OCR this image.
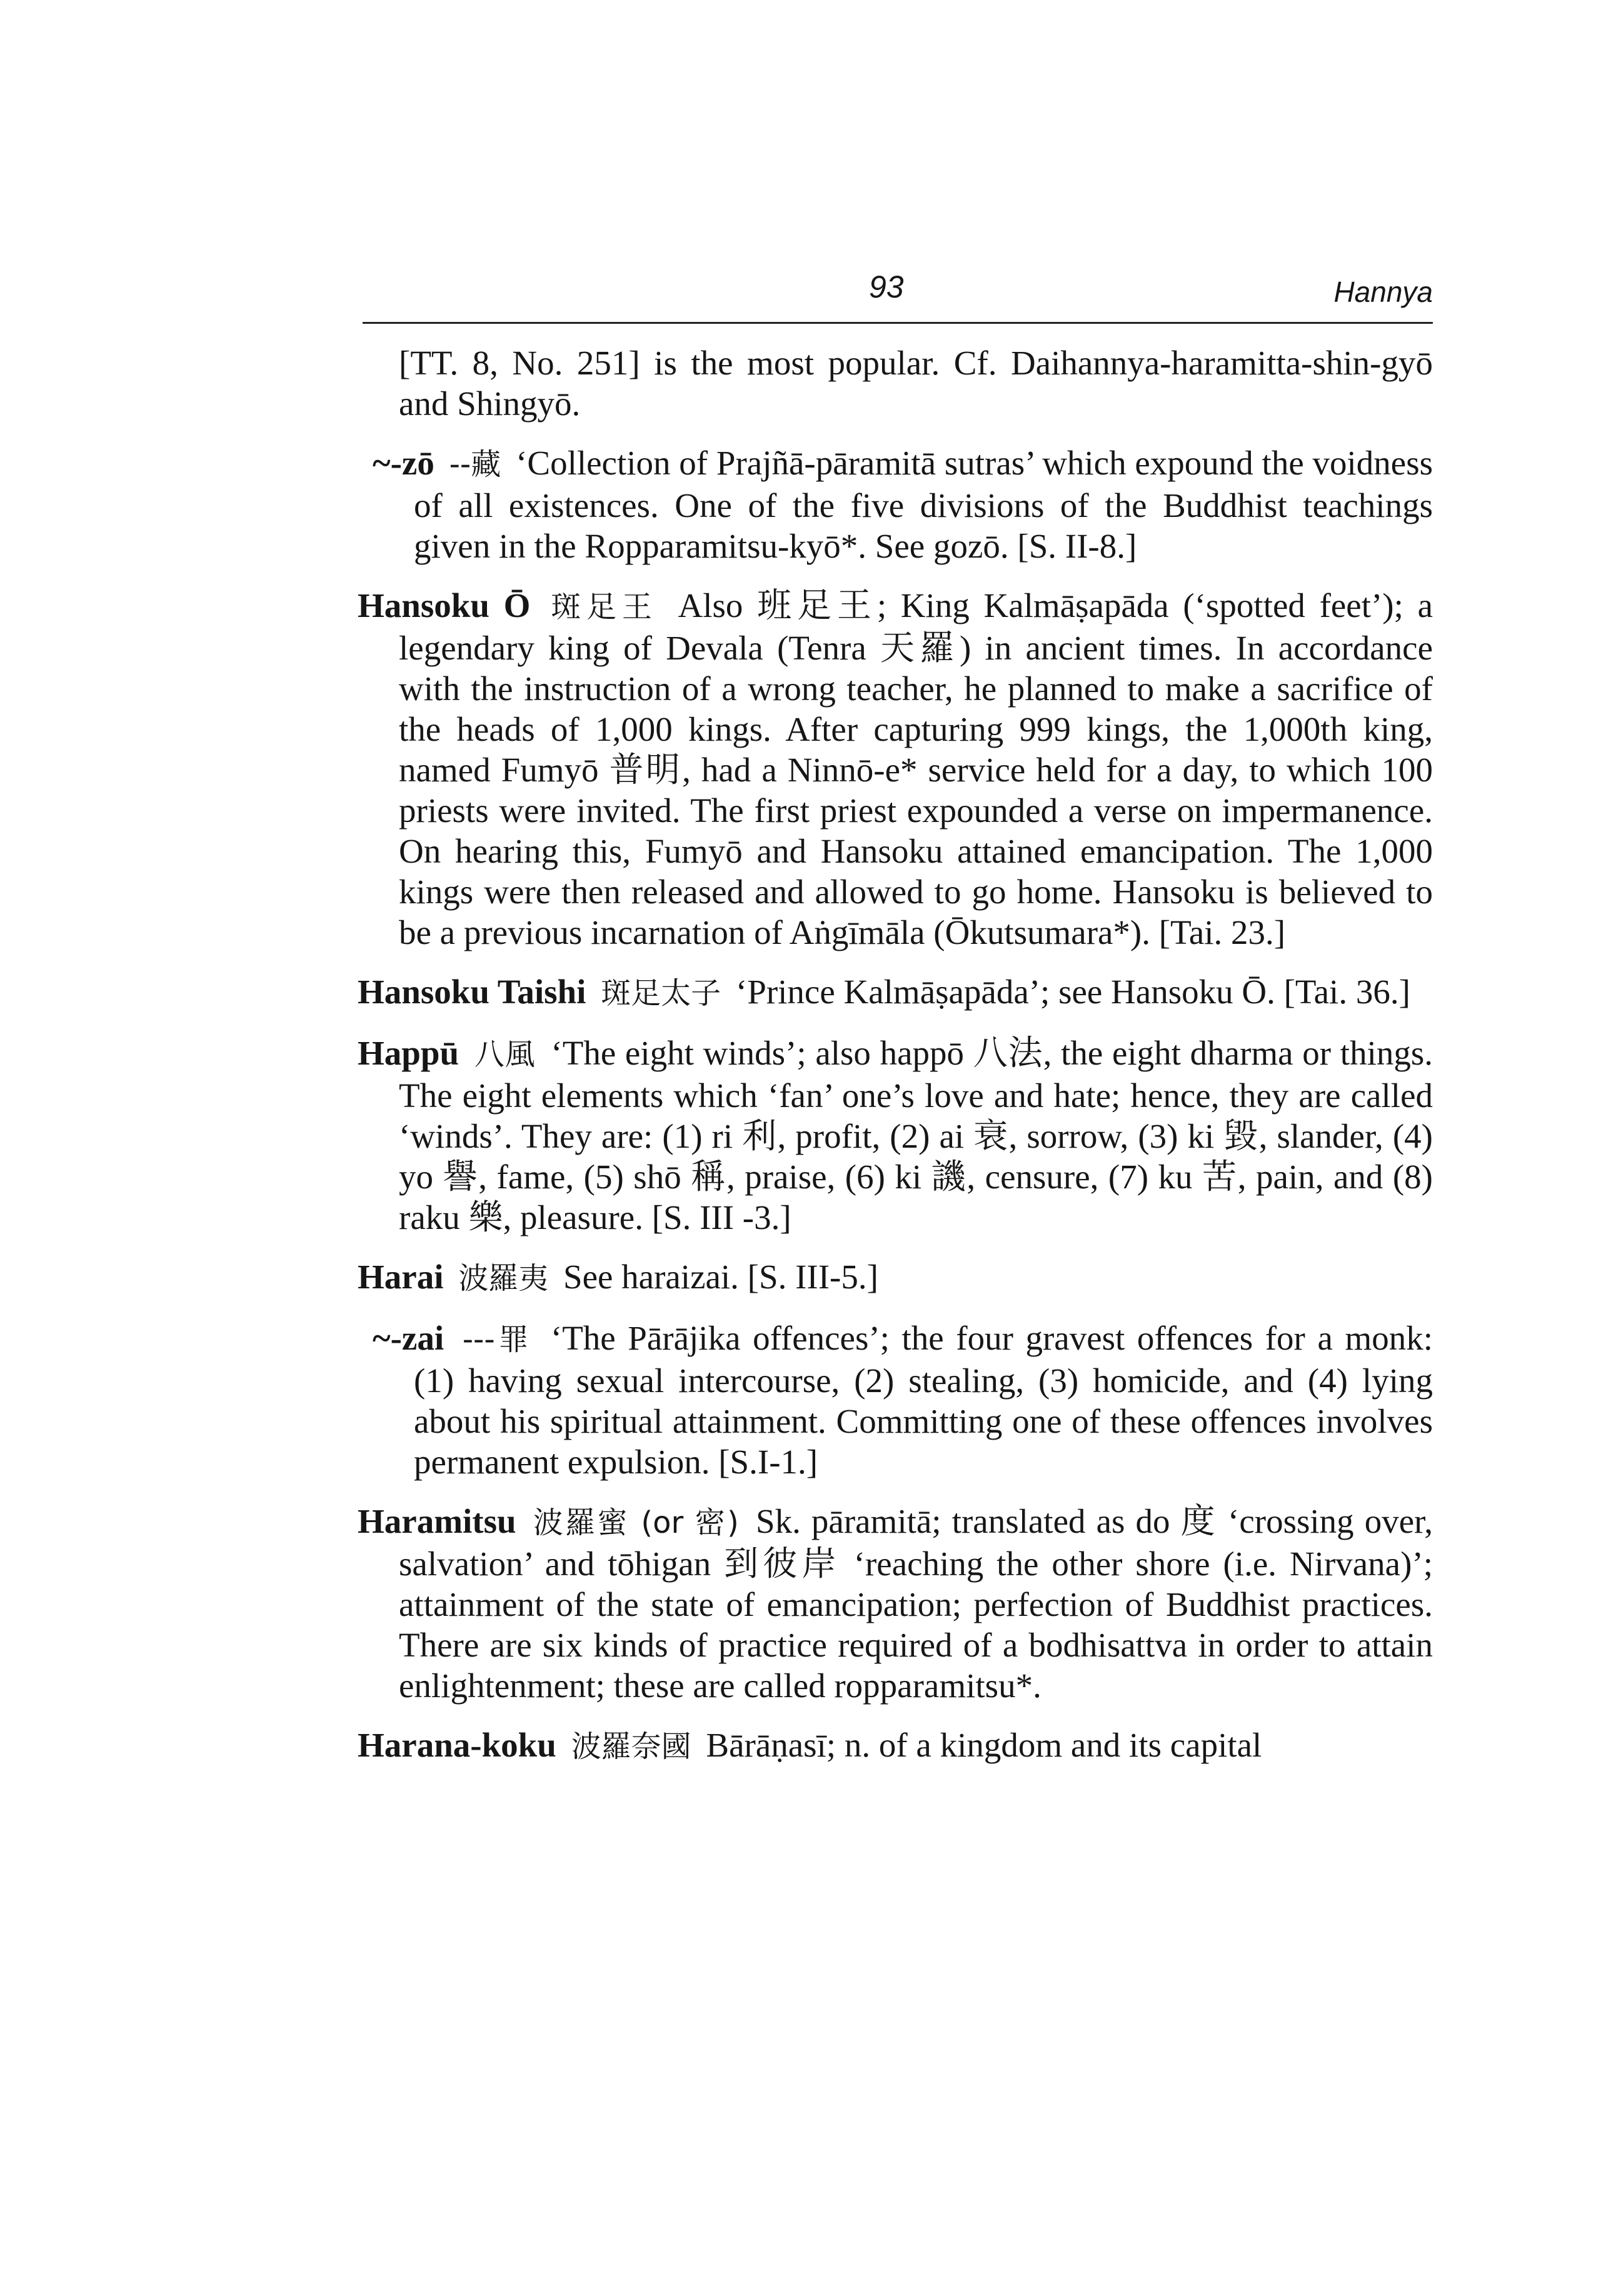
93	Hannya

[TT. 8, No. 251] is the most popular. Cf. Daihannya-haramitta-shin-gyō and Shingyō.

~-zō --藏 ‘Collection of Prajñā-pāramitā sutras’ which expound the voidness of all existences. One of the five divisions of the Buddhist teachings given in the Ropparamitsu-kyō*. See gozō. [S. II-8.]

Hansoku Ō 斑足王 Also 班足王; King Kalmāṣapāda (‘spotted feet’); a legendary king of Devala (Tenra 天羅) in ancient times. In accordance with the instruction of a wrong teacher, he planned to make a sacrifice of the heads of 1,000 kings. After capturing 999 kings, the 1,000th king, named Fumyō 普明, had a Ninnō-e* service held for a day, to which 100 priests were invited. The first priest expounded a verse on impermanence. On hearing this, Fumyō and Hansoku attained emancipation. The 1,000 kings were then released and allowed to go home. Hansoku is believed to be a previous incarnation of Aṅgīmāla (Ōkutsumara*). [Tai. 23.]

Hansoku Taishi 斑足太子 ‘Prince Kalmāṣapāda’; see Hansoku Ō. [Tai. 36.]

Happū 八風 ‘The eight winds’; also happō 八法, the eight dharma or things. The eight elements which ‘fan’ one’s love and hate; hence, they are called ‘winds’. They are: (1) ri 利, profit, (2) ai 衰, sorrow, (3) ki 毀, slander, (4) yo 譽, fame, (5) shō 稱, praise, (6) ki 譏, censure, (7) ku 苦, pain, and (8) raku 樂, pleasure. [S. III -3.]

Harai 波羅夷 See haraizai. [S. III-5.]

~-zai ---罪 ‘The Pārājika offences’; the four gravest offences for a monk: (1) having sexual intercourse, (2) stealing, (3) homicide, and (4) lying about his spiritual attainment. Committing one of these offences involves permanent expulsion. [S.I-1.]

Haramitsu 波羅蜜 (or 密) Sk. pāramitā; translated as do 度 ‘crossing over, salvation’ and tōhigan 到彼岸 ‘reaching the other shore (i.e. Nirvana)’; attainment of the state of emancipation; perfection of Buddhist practices. There are six kinds of practice required of a bodhisattva in order to attain enlightenment; these are called ropparamitsu*.

Harana-koku 波羅奈國 Bārāṇasī; n. of a kingdom and its capital
